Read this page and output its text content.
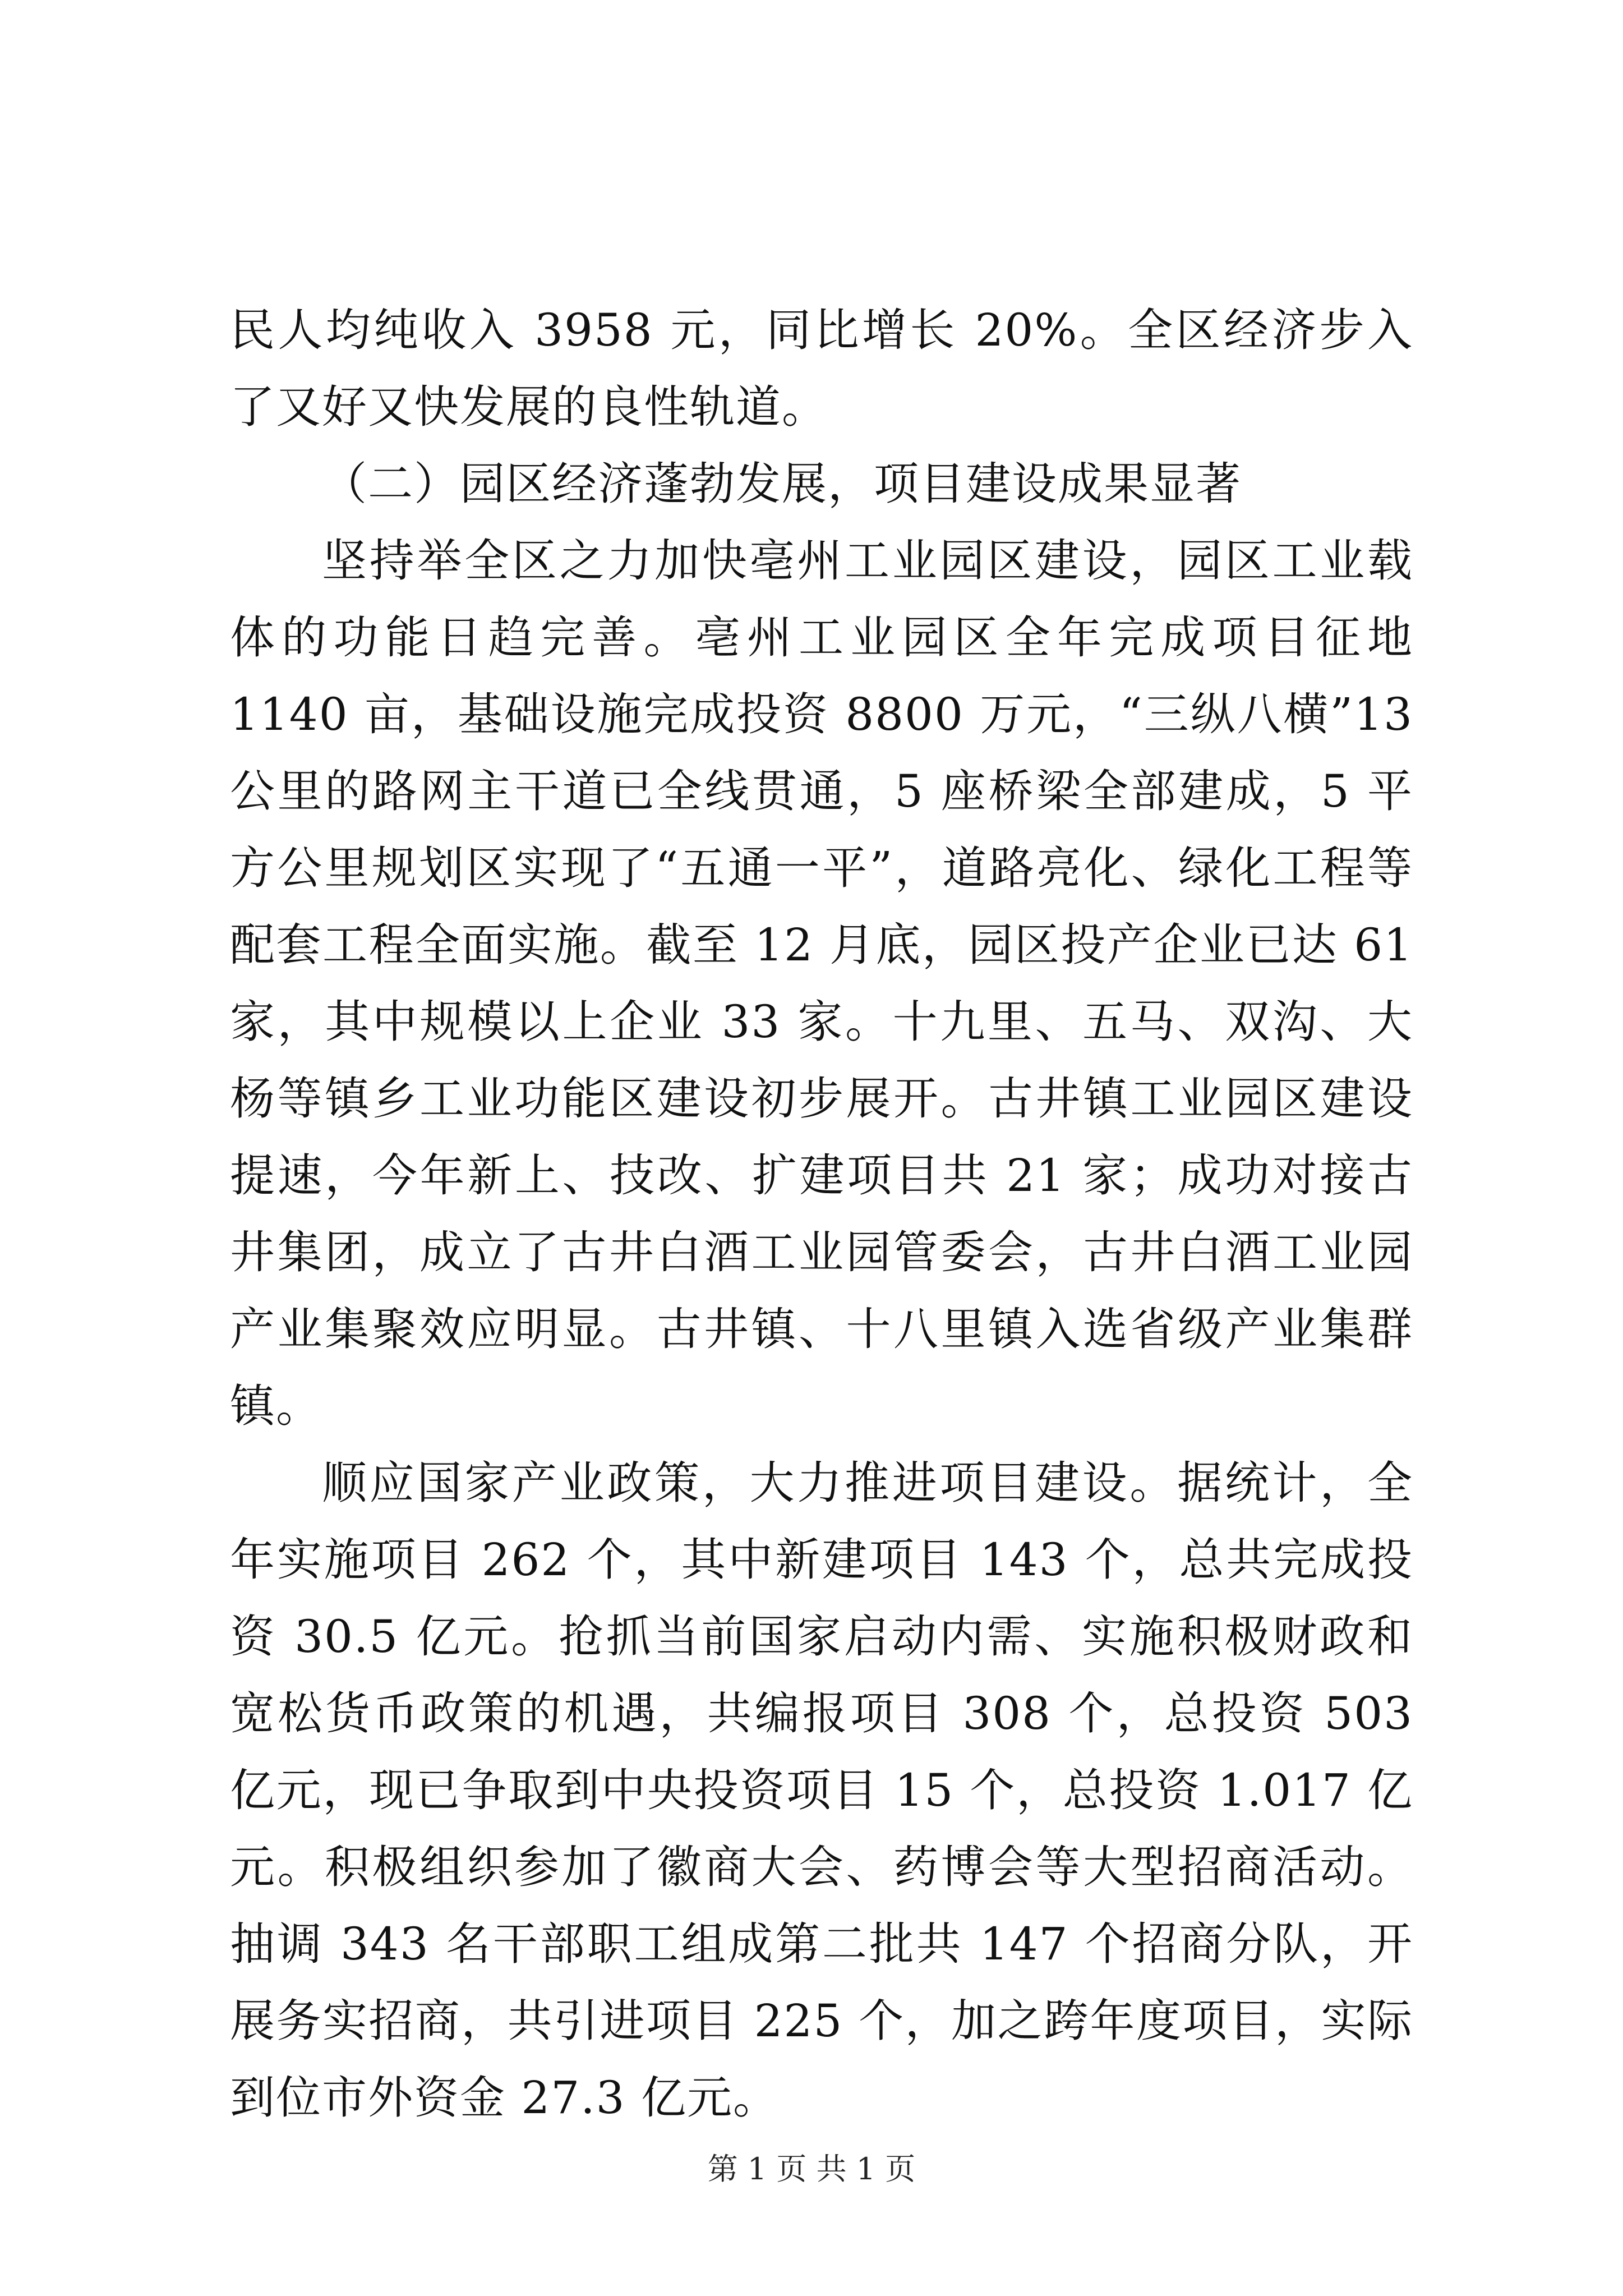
民人均纯收入 3958 元，同比增长 20%。全区经济步入了又好又快发展的良性轨道。

（二）园区经济蓬勃发展，项目建设成果显著

坚持举全区之力加快亳州工业园区建设，园区工业载体的功能日趋完善。亳州工业园区全年完成项目征地 1140 亩，基础设施完成投资 8800 万元，“三纵八横”13 公里的路网主干道已全线贯通，5 座桥梁全部建成，5 平方公里规划区实现了“五通一平”，道路亮化、绿化工程等配套工程全面实施。截至 12 月底，园区投产企业已达 61 家，其中规模以上企业 33 家。十九里、五马、双沟、大杨等镇乡工业功能区建设初步展开。古井镇工业园区建设提速，今年新上、技改、扩建项目共 21 家；成功对接古井集团，成立了古井白酒工业园管委会，古井白酒工业园产业集聚效应明显。古井镇、十八里镇入选省级产业集群镇。

顺应国家产业政策，大力推进项目建设。据统计，全年实施项目 262 个，其中新建项目 143 个，总共完成投资 30.5 亿元。抢抓当前国家启动内需、实施积极财政和宽松货币政策的机遇，共编报项目 308 个，总投资 503 亿元，现已争取到中央投资项目 15 个，总投资 1.017 亿元。积极组织参加了徽商大会、药博会等大型招商活动。抽调 343 名干部职工组成第二批共 147 个招商分队，开展务实招商，共引进项目 225 个，加之跨年度项目，实际到位市外资金 27.3 亿元。

第 1 页 共 1 页
